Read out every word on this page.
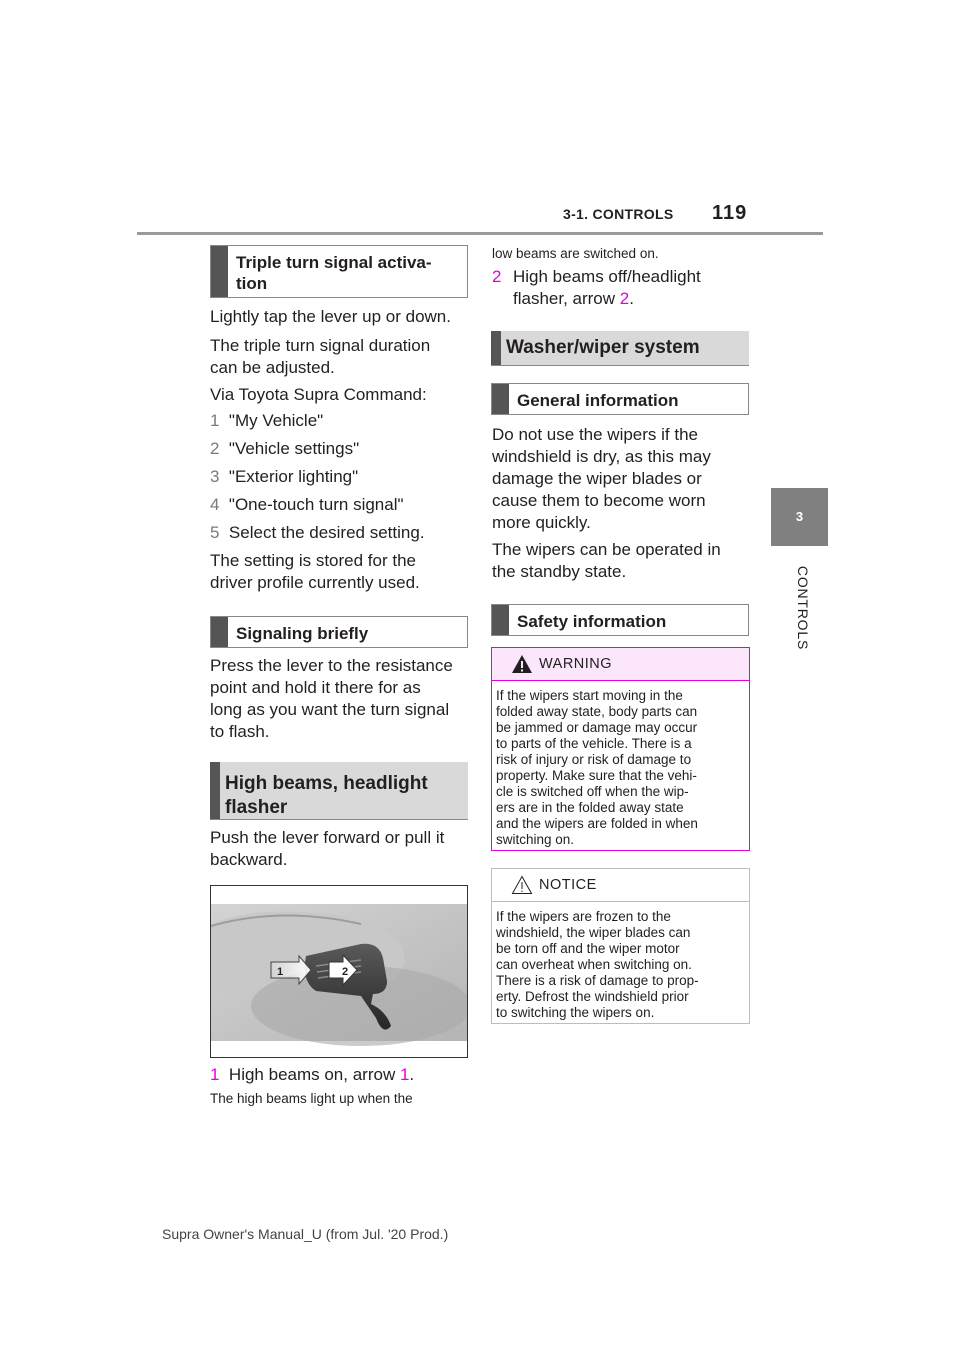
3-1. CONTROLS 119
3
CONTROLS
Triple turn signal activa-
tion
Lightly tap the lever up or down.
The triple turn signal duration
can be adjusted.
Via Toyota Supra Command:
1 "My Vehicle"
2 "Vehicle settings"
3 "Exterior lighting"
4 "One-touch turn signal"
5 Select the desired setting.
The setting is stored for the
driver profile currently used.
Signaling briefly
Press the lever to the resistance
point and hold it there for as
long as you want the turn signal
to flash.
High beams, headlight
flasher
Push the lever forward or pull it
backward.
1	2
1 High beams on, arrow 1.
The high beams light up when the
low beams are switched on.
2 High beams off/headlight
flasher, arrow 2.
Washer/wiper system
General information
Do not use the wipers if the
windshield is dry, as this may
damage the wiper blades or
cause them to become worn
more quickly.
The wipers can be operated in
the standby state.
Safety information
WARNING
If the wipers start moving in the
folded away state, body parts can
be jammed or damage may occur
to parts of the vehicle. There is a
risk of injury or risk of damage to
property. Make sure that the vehi-
cle is switched off when the wip-
ers are in the folded away state
and the wipers are folded in when
switching on.
NOTICE
If the wipers are frozen to the
windshield, the wiper blades can
be torn off and the wiper motor
can overheat when switching on.
There is a risk of damage to prop-
erty. Defrost the windshield prior
to switching the wipers on.
Supra Owner's Manual_U (from Jul. '20 Prod.)
